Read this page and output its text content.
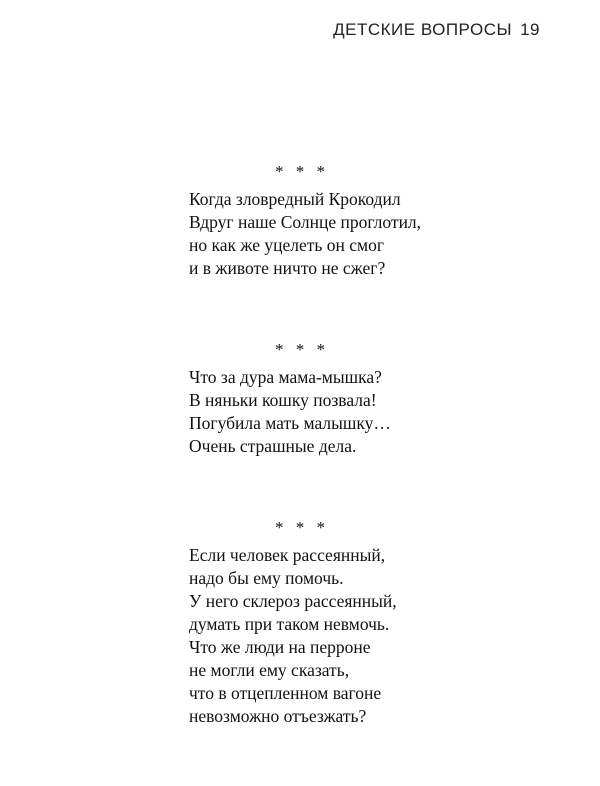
ДЕТСКИЕ ВОПРОСЫ 19
* * *
Когда зловредный Крокодил
Вдруг наше Солнце проглотил,
но как же уцелеть он смог
и в животе ничто не сжег?
* * *
Что за дура мама-мышка?
В няньки кошку позвала!
Погубила мать малышку…
Очень страшные дела.
* * *
Если человек рассеянный,
надо бы ему помочь.
У него склероз рассеянный,
думать при таком невмочь.
Что же люди на перроне
не могли ему сказать,
что в отцепленном вагоне
невозможно отъезжать?
